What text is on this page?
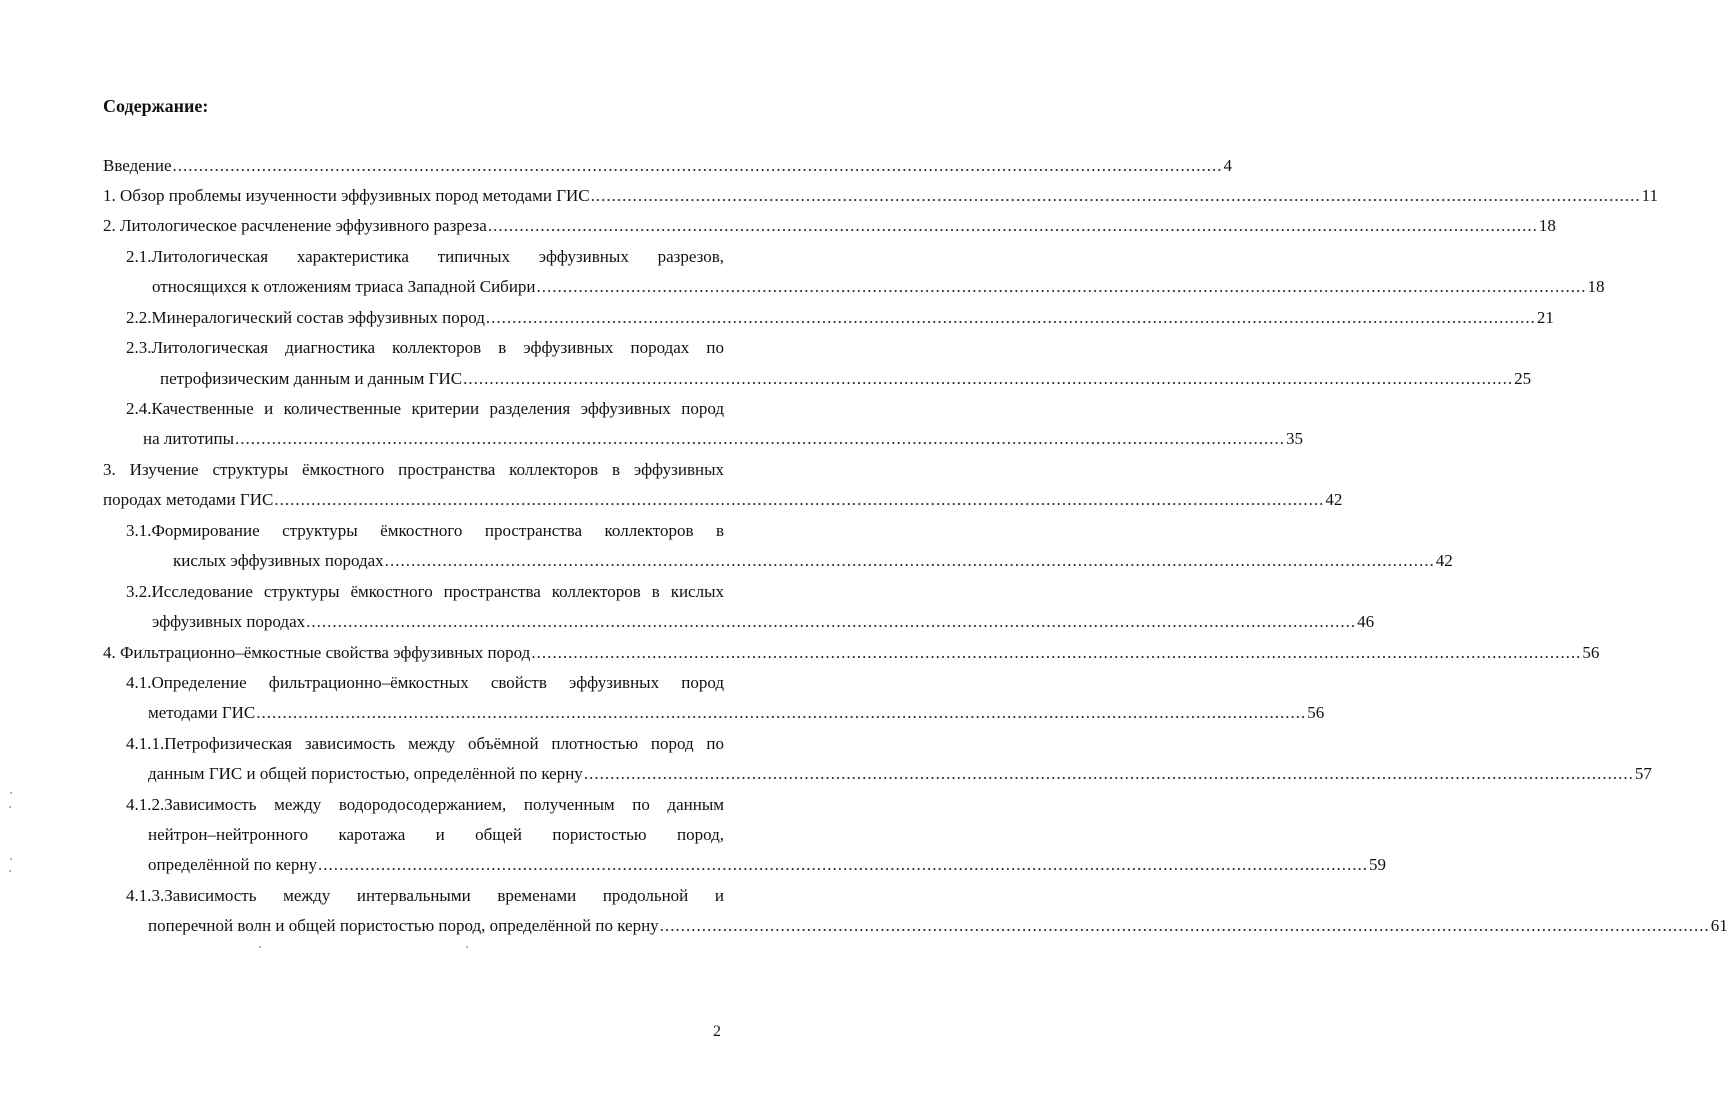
Содержание:
Введение ........................................................................................................................................................................................................ 4
1. Обзор проблемы изученности эффузивных пород методами ГИС ........................................................................................................................................................................................................ 11
2. Литологическое расчленение эффузивного разреза ........................................................................................................................................................................................................ 18
2.1.Литологическая характеристика типичных эффузивных разрезов,
относящихся к отложениям триаса Западной Сибири ........................................................................................................................................................................................................ 18
2.2.Минералогический состав эффузивных пород ........................................................................................................................................................................................................ 21
2.3.Литологическая диагностика коллекторов в эффузивных породах по
петрофизическим данным и данным ГИС ........................................................................................................................................................................................................ 25
2.4.Качественные и количественные критерии разделения эффузивных пород
на литотипы ........................................................................................................................................................................................................ 35
3. Изучение структуры ёмкостного пространства коллекторов в эффузивных
породах методами ГИС ........................................................................................................................................................................................................ 42
3.1.Формирование структуры ёмкостного пространства коллекторов в
кислых эффузивных породах ........................................................................................................................................................................................................ 42
3.2.Исследование структуры ёмкостного пространства коллекторов в кислых
эффузивных породах ........................................................................................................................................................................................................ 46
4. Фильтрационно–ёмкостные свойства эффузивных пород ........................................................................................................................................................................................................ 56
4.1.Определение фильтрационно–ёмкостных свойств эффузивных пород
методами ГИС ........................................................................................................................................................................................................ 56
4.1.1.Петрофизическая зависимость между объёмной плотностью пород по
данным ГИС и общей пористостью, определённой по керну ........................................................................................................................................................................................................ 57
4.1.2.Зависимость между водородосодержанием, полученным по данным
нейтрон–нейтронного каротажа и общей пористостью пород,
определённой по керну ........................................................................................................................................................................................................ 59
4.1.3.Зависимость между интервальными временами продольной и
поперечной волн и общей пористостью пород, определённой по керну ........................................................................................................................................................................................................ 61
2
